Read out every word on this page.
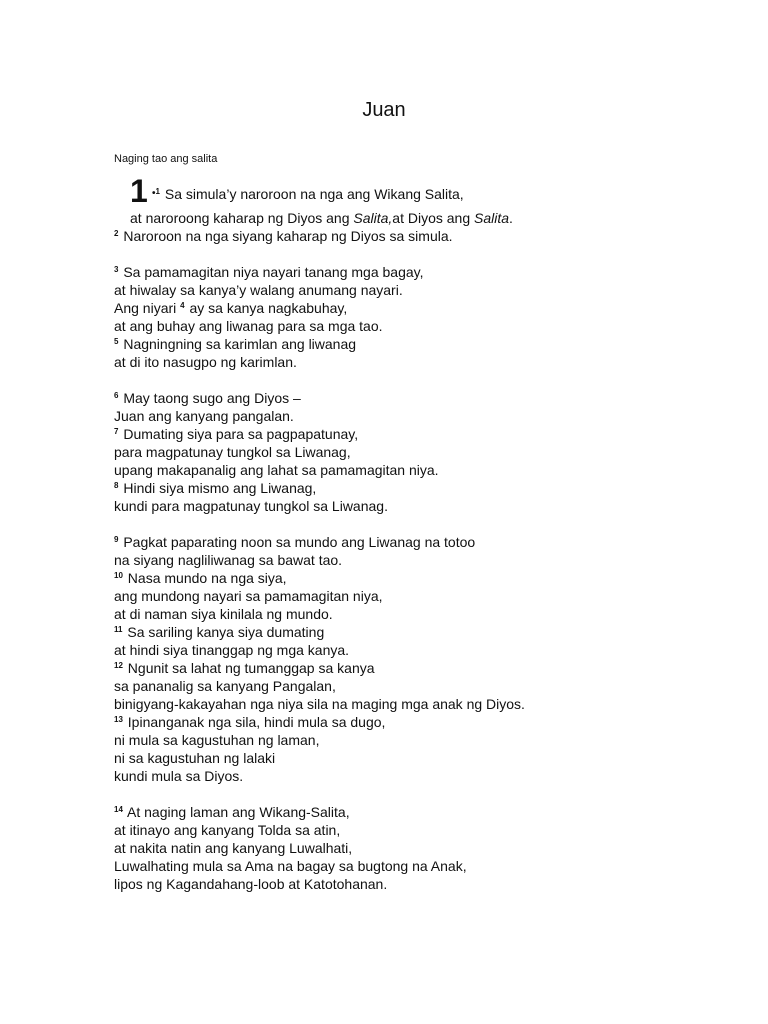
Juan
Naging tao ang salita
1 $^{•1}$ Sa simula’y naroroon na nga ang Wikang Salita,
at naroroong kaharap ng Diyos ang Salita,at Diyos ang Salita.
$^2$ Naroroon na nga siyang kaharap ng Diyos sa simula.
$^3$ Sa pamamagitan niya nayari tanang mga bagay,
at hiwalay sa kanya’y walang anumang nayari.
Ang niyari $^4$ ay sa kanya nagkabuhay,
at ang buhay ang liwanag para sa mga tao.
$^5$ Nagningning sa karimlan ang liwanag
at di ito nasugpo ng karimlan.
$^6$ May taong sugo ang Diyos –
Juan ang kanyang pangalan.
$^7$ Dumating siya para sa pagpapatunay,
para magpatunay tungkol sa Liwanag,
upang makapanalig ang lahat sa pamamagitan niya.
$^8$ Hindi siya mismo ang Liwanag,
kundi para magpatunay tungkol sa Liwanag.
$^9$ Pagkat paparating noon sa mundo ang Liwanag na totoo
na siyang nagliliwanag sa bawat tao.
$^{10}$ Nasa mundo na nga siya,
ang mundong nayari sa pamamagitan niya,
at di naman siya kinilala ng mundo.
$^{11}$ Sa sariling kanya siya dumating
at hindi siya tinanggap ng mga kanya.
$^{12}$ Ngunit sa lahat ng tumanggap sa kanya
sa pananalig sa kanyang Pangalan,
binigyang-kakayahan nga niya sila na maging mga anak ng Diyos.
$^{13}$ Ipinanganak nga sila, hindi mula sa dugo,
ni mula sa kagustuhan ng laman,
ni sa kagustuhan ng lalaki
kundi mula sa Diyos.
$^{14}$ At naging laman ang Wikang-Salita,
at itinayo ang kanyang Tolda sa atin,
at nakita natin ang kanyang Luwalhati,
Luwalhating mula sa Ama na bagay sa bugtong na Anak,
lipos ng Kagandahang-loob at Katotohanan.
